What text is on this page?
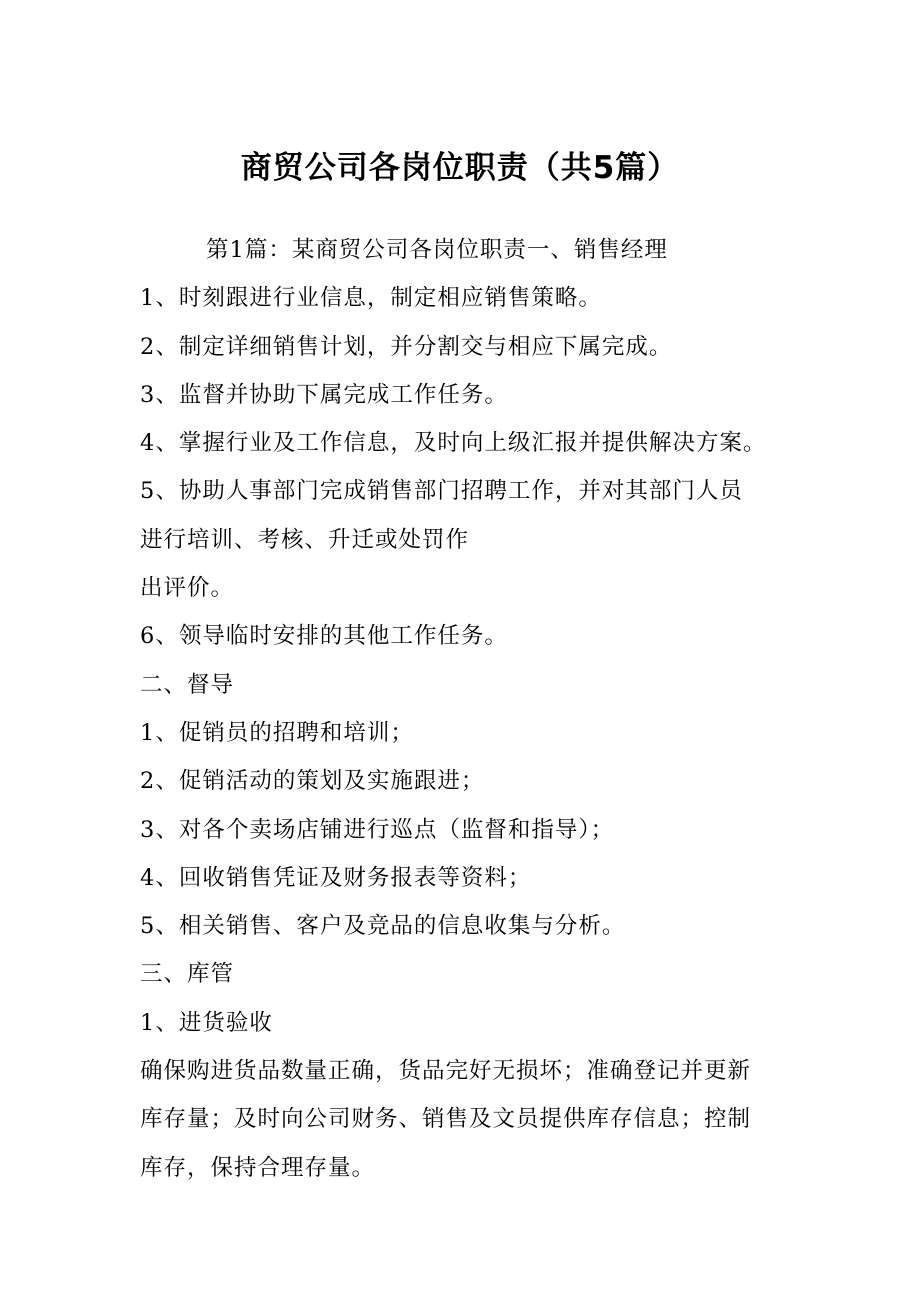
商贸公司各岗位职责（共5篇）
第1篇：某商贸公司各岗位职责一、销售经理
1、时刻跟进行业信息，制定相应销售策略。
2、制定详细销售计划，并分割交与相应下属完成。
3、监督并协助下属完成工作任务。
4、掌握行业及工作信息，及时向上级汇报并提供解决方案。
5、协助人事部门完成销售部门招聘工作，并对其部门人员
进行培训、考核、升迁或处罚作
出评价。
6、领导临时安排的其他工作任务。
二、督导
1、促销员的招聘和培训；
2、促销活动的策划及实施跟进；
3、对各个卖场店铺进行巡点（监督和指导）；
4、回收销售凭证及财务报表等资料；
5、相关销售、客户及竞品的信息收集与分析。
三、库管
1、进货验收
确保购进货品数量正确，货品完好无损坏；准确登记并更新
库存量；及时向公司财务、销售及文员提供库存信息；控制
库存，保持合理存量。
